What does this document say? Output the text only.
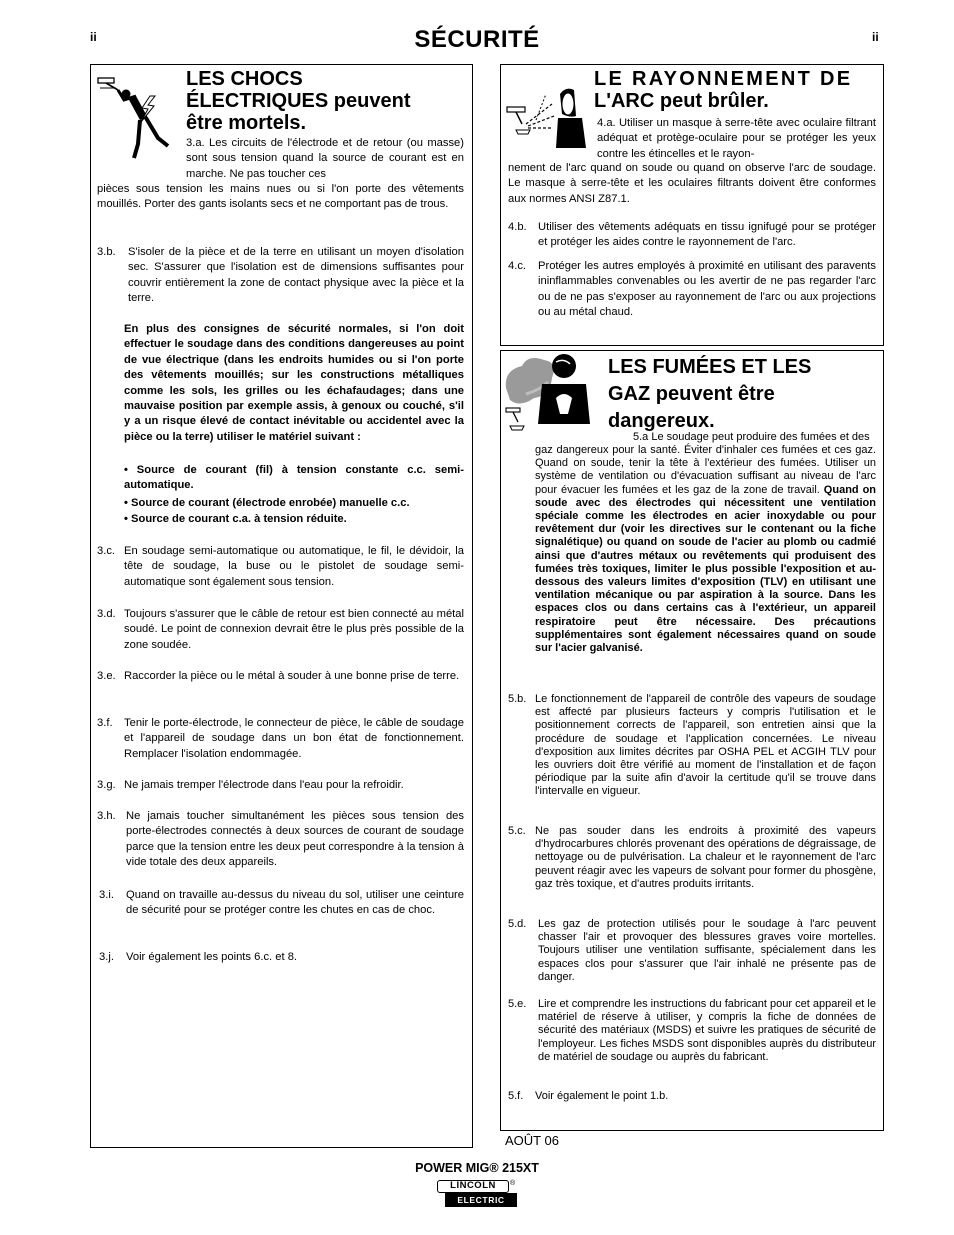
ii	ii
SÉCURITÉ
LES CHOCS
ÉLECTRIQUES peuvent
être mortels.
3.a. Les circuits de l'électrode et de retour (ou masse) sont sous tension quand la source de courant est en marche. Ne pas toucher ces
pièces sous tension les mains nues ou si l'on porte des vêtements mouillés. Porter des gants isolants secs et ne comportant pas de trous.
3.b. S'isoler de la pièce et de la terre en utilisant un moyen d'isolation sec. S'assurer que l'isolation est de dimensions suffisantes pour couvrir entièrement la zone de contact physique avec la pièce et la terre.
En plus des consignes de sécurité normales, si l'on doit effectuer le soudage dans des conditions dangereuses au point de vue électrique (dans les endroits humides ou si l'on porte des vêtements mouillés; sur les constructions métalliques comme les sols, les grilles ou les échafaudages; dans une mauvaise position par exemple assis, à genoux ou couché, s'il y a un risque élevé de contact inévitable ou accidentel avec la pièce ou la terre) utiliser le matériel suivant :
• Source de courant (fil) à tension constante c.c. semi-automatique.
• Source de courant (électrode enrobée) manuelle c.c.
• Source de courant c.a. à tension réduite.
3.c. En soudage semi-automatique ou automatique, le fil, le dévidoir, la tête de soudage, la buse ou le pistolet de soudage semi-automatique sont également sous tension.
3.d. Toujours s'assurer que le câble de retour est bien connecté au métal soudé. Le point de connexion devrait être le plus près possible de la zone soudée.
3.e. Raccorder la pièce ou le métal à souder à une bonne prise de terre.
3.f. Tenir le porte-électrode, le connecteur de pièce, le câble de soudage et l'appareil de soudage dans un bon état de fonctionnement. Remplacer l'isolation endommagée.
3.g. Ne jamais tremper l'électrode dans l'eau pour la refroidir.
3.h. Ne jamais toucher simultanément les pièces sous tension des porte-électrodes connectés à deux sources de courant de soudage parce que la tension entre les deux peut correspondre à la tension à vide totale des deux appareils.
3.i. Quand on travaille au-dessus du niveau du sol, utiliser une ceinture de sécurité pour se protéger contre les chutes en cas de choc.
3.j. Voir également les points 6.c. et 8.
LE RAYONNEMENT DE
L'ARC peut brûler.
4.a. Utiliser un masque à serre-tête avec oculaire filtrant adéquat et protège-oculaire pour se protéger les yeux contre les étincelles et le rayon-
nement de l'arc quand on soude ou quand on observe l'arc de soudage. Le masque à serre-tête et les oculaires filtrants doivent être conformes aux normes ANSI Z87.1.
4.b. Utiliser des vêtements adéquats en tissu ignifugé pour se protéger et protéger les aides contre le rayonnement de l'arc.
4.c. Protéger les autres employés à proximité en utilisant des paravents ininflammables convenables ou les avertir de ne pas regarder l'arc ou de ne pas s'exposer au rayonnement de l'arc ou aux projections ou au métal chaud.
LES FUMÉES ET LES
GAZ peuvent être
dangereux.
5.a Le soudage peut produire des fumées et des
gaz dangereux pour la santé. Éviter d'inhaler ces fumées et ces gaz. Quand on soude, tenir la tête à l'extérieur des fumées. Utiliser un système de ventilation ou d'évacuation suffisant au niveau de l'arc pour évacuer les fumées et les gaz de la zone de travail. Quand on soude avec des électrodes qui nécessitent une ventilation spéciale comme les électrodes en acier inoxydable ou pour revêtement dur (voir les directives sur le contenant ou la fiche signalétique) ou quand on soude de l'acier au plomb ou cadmié ainsi que d'autres métaux ou revêtements qui produisent des fumées très toxiques, limiter le plus possible l'exposition et au-dessous des valeurs limites d'exposition (TLV) en utilisant une ventilation mécanique ou par aspiration à la source. Dans les espaces clos ou dans certains cas à l'extérieur, un appareil respiratoire peut être nécessaire. Des précautions supplémentaires sont également nécessaires quand on soude sur l'acier galvanisé.
5.b. Le fonctionnement de l'appareil de contrôle des vapeurs de soudage est affecté par plusieurs facteurs y compris l'utilisation et le positionnement corrects de l'appareil, son entretien ainsi que la procédure de soudage et l'application concernées. Le niveau d'exposition aux limites décrites par OSHA PEL et ACGIH TLV pour les ouvriers doit être vérifié au moment de l'installation et de façon périodique par la suite afin d'avoir la certitude qu'il se trouve dans l'intervalle en vigueur.
5.c. Ne pas souder dans les endroits à proximité des vapeurs d'hydrocarbures chlorés provenant des opérations de dégraissage, de nettoyage ou de pulvérisation. La chaleur et le rayonnement de l'arc peuvent réagir avec les vapeurs de solvant pour former du phosgène, gaz très toxique, et d'autres produits irritants.
5.d. Les gaz de protection utilisés pour le soudage à l'arc peuvent chasser l'air et provoquer des blessures graves voire mortelles. Toujours utiliser une ventilation suffisante, spécialement dans les espaces clos pour s'assurer que l'air inhalé ne présente pas de danger.
5.e. Lire et comprendre les instructions du fabricant pour cet appareil et le matériel de réserve à utiliser, y compris la fiche de données de sécurité des matériaux (MSDS) et suivre les pratiques de sécurité de l'employeur. Les fiches MSDS sont disponibles auprès du distributeur de matériel de soudage ou auprès du fabricant.
5.f. Voir également le point 1.b.
AOÛT 06
POWER MIG® 215XT
LINCOLN	®
ELECTRIC
